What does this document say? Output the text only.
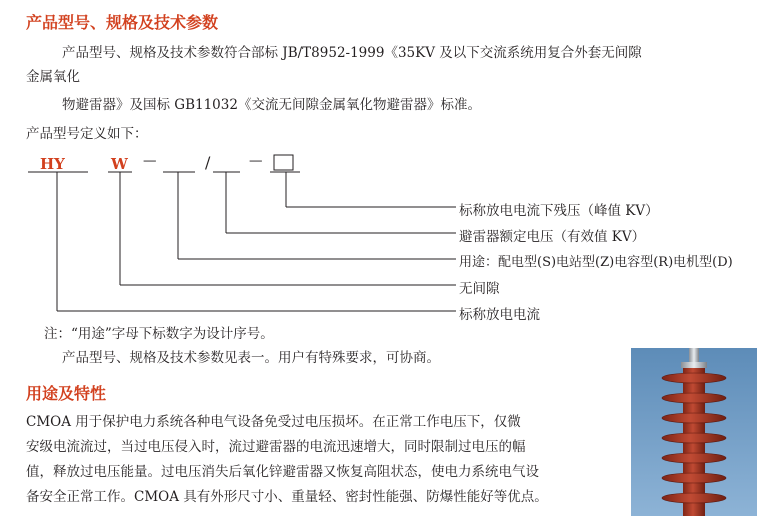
产品型号、规格及技术参数
产品型号、规格及技术参数符合部标 JB/T8952-1999《35KV 及以下交流系统用复合外套无间隙
金属氧化
物避雷器》及国标 GB11032《交流无间隙金属氧化物避雷器》标准。
产品型号定义如下：
HY	W —	/	—
标称放电电流下残压（峰值 KV）
避雷器额定电压（有效值 KV）
用途：配电型(S)电站型(Z)电容型(R)电机型(D)
无间隙
标称放电电流
注：“用途”字母下标数字为设计序号。
产品型号、规格及技术参数见表一。用户有特殊要求，可协商。
用途及特性
CMOA 用于保护电力系统各种电气设备免受过电压损坏。在正常工作电压下，仅微
安级电流流过，当过电压侵入时，流过避雷器的电流迅速增大，同时限制过电压的幅
值，释放过电压能量。过电压消失后氧化锌避雷器又恢复高阻状态，使电力系统电气设
备安全正常工作。CMOA 具有外形尺寸小、重量轻、密封性能强、防爆性能好等优点。
